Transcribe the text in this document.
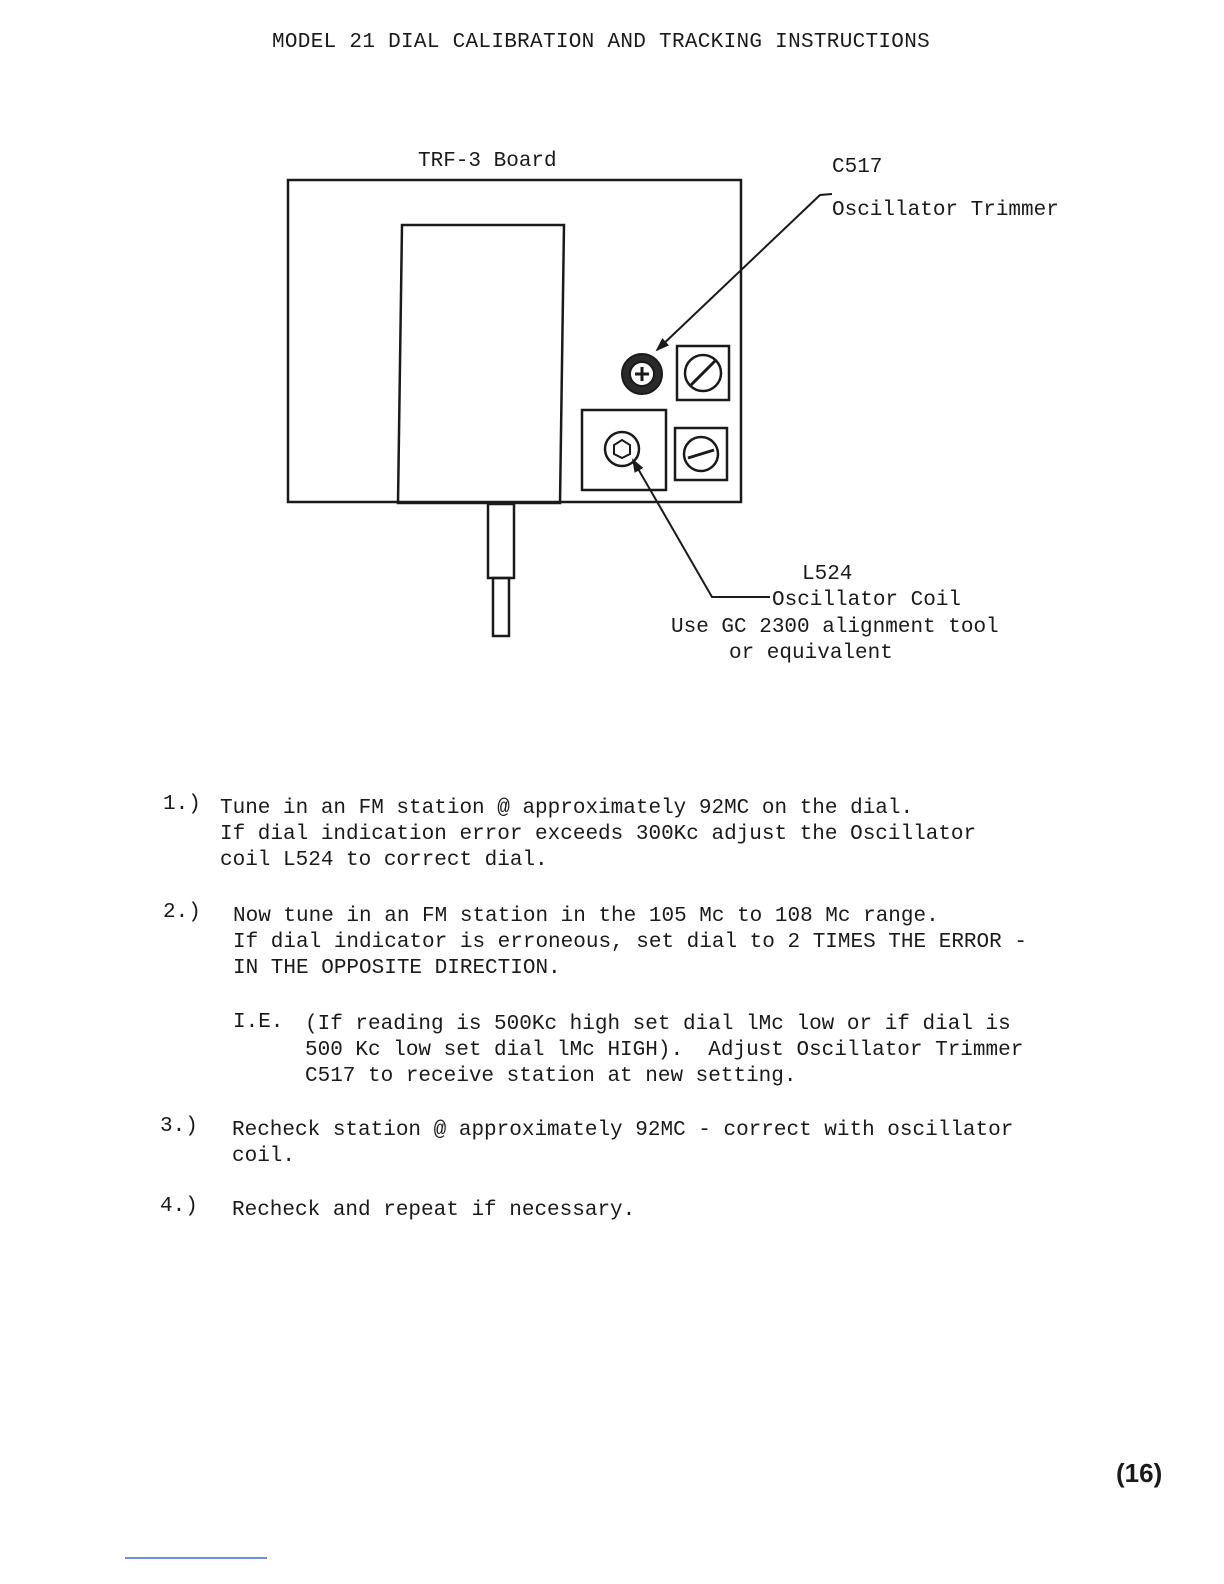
MODEL 21 DIAL CALIBRATION AND TRACKING INSTRUCTIONS
TRF-3 Board	C517
Oscillator Trimmer
L524
Oscillator Coil
Use GC 2300 alignment tool
or equivalent
1.) Tune in an FM station @ approximately 92MC on the dial.
If dial indication error exceeds 300Kc adjust the Oscillator
coil L524 to correct dial.
2.) Now tune in an FM station in the 105 Mc to 108 Mc range.
If dial indicator is erroneous, set dial to 2 TIMES THE ERROR -
IN THE OPPOSITE DIRECTION.
I.E. (If reading is 500Kc high set dial lMc low or if dial is
500 Kc low set dial lMc HIGH).  Adjust Oscillator Trimmer
C517 to receive station at new setting.
3.) Recheck station @ approximately 92MC - correct with oscillator
coil.
4.) Recheck and repeat if necessary.
(16)
